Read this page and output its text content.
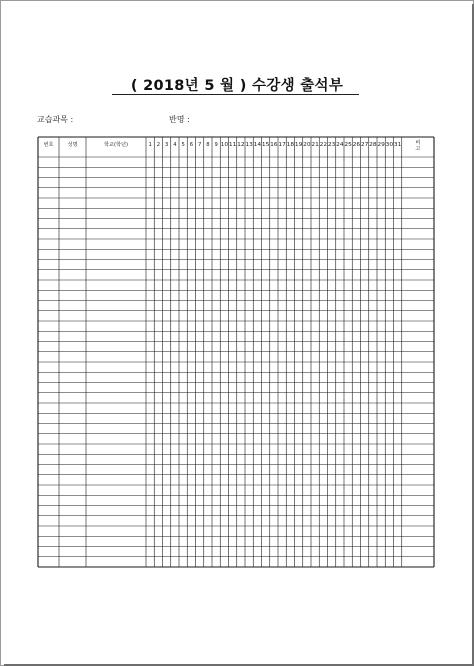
( 2018년 5 월 ) 수강생 출석부
교습과목 :	반명 :
번호	성명	학교(학년)	1 2 3 4 5 6 7 8 9 10 11 12 13 14 15 16 17 18 19 20 21 22 23 24 25 26 27 28 29 30 31	비
고
